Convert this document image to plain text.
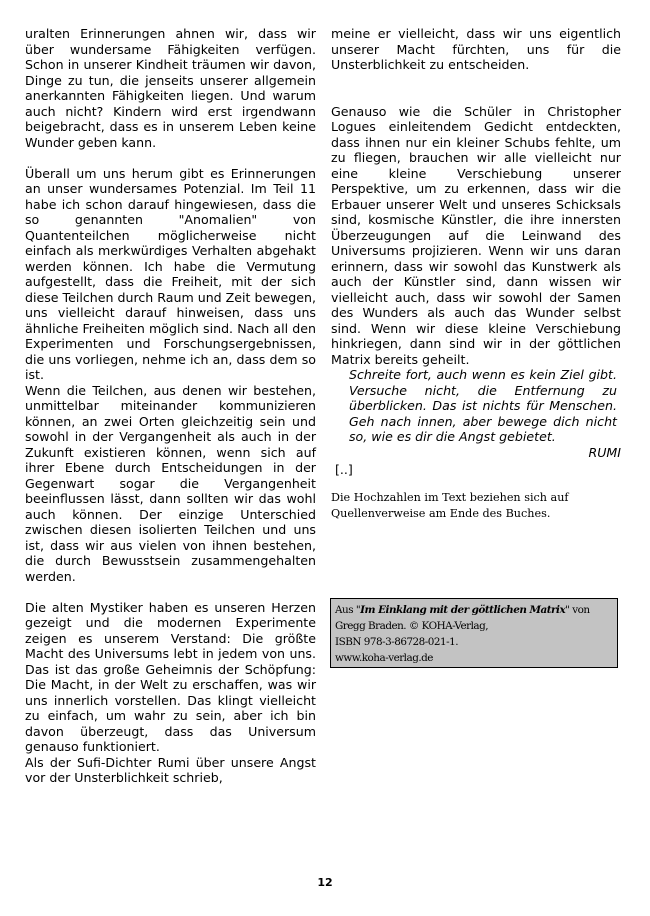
uralten Erinnerungen ahnen wir, dass wir über wundersame Fähigkeiten verfügen. Schon in unserer Kindheit träumen wir davon, Dinge zu tun, die jenseits unserer allgemein anerkannten Fähigkeiten liegen. Und warum auch nicht? Kindern wird erst irgendwann beigebracht, dass es in unserem Leben keine Wunder geben kann.

Überall um uns herum gibt es Erinnerungen an unser wundersames Potenzial. Im Teil 11 habe ich schon darauf hingewiesen, dass die so genannten "Anomalien" von Quantenteilchen möglicherweise nicht einfach als merkwürdiges Verhalten abgehakt werden können. Ich habe die Vermutung aufgestellt, dass die Freiheit, mit der sich diese Teilchen durch Raum und Zeit bewegen, uns vielleicht darauf hinweisen, dass uns ähnliche Freiheiten möglich sind. Nach all den Experimenten und Forschungsergebnissen, die uns vorliegen, nehme ich an, dass dem so ist.

Wenn die Teilchen, aus denen wir bestehen, unmittelbar miteinander kommunizieren können, an zwei Orten gleichzeitig sein und sowohl in der Vergangenheit als auch in der Zukunft existieren können, wenn sich auf ihrer Ebene durch Entscheidungen in der Gegenwart sogar die Vergangenheit beeinflussen lässt, dann sollten wir das wohl auch können. Der einzige Unterschied zwischen diesen isolierten Teilchen und uns ist, dass wir aus vielen von ihnen bestehen, die durch Bewusstsein zusammengehalten werden.

Die alten Mystiker haben es unseren Herzen gezeigt und die modernen Experimente zeigen es unserem Verstand: Die größte Macht des Universums lebt in jedem von uns. Das ist das große Geheimnis der Schöpfung: Die Macht, in der Welt zu erschaffen, was wir uns innerlich vorstellen. Das klingt vielleicht zu einfach, um wahr zu sein, aber ich bin davon überzeugt, dass das Universum genauso funktioniert.

Als der Sufi-Dichter Rumi über unsere Angst vor der Unsterblichkeit schrieb,

meine er vielleicht, dass wir uns eigentlich unserer Macht fürchten, uns für die Unsterblichkeit zu entscheiden.

Genauso wie die Schüler in Christopher Logues einleitendem Gedicht entdeckten, dass ihnen nur ein kleiner Schubs fehlte, um zu fliegen, brauchen wir alle vielleicht nur eine kleine Verschiebung unserer Perspektive, um zu erkennen, dass wir die Erbauer unserer Welt und unseres Schicksals sind, kosmische Künstler, die ihre innersten Überzeugungen auf die Leinwand des Universums projizieren. Wenn wir uns daran erinnern, dass wir sowohl das Kunstwerk als auch der Künstler sind, dann wissen wir vielleicht auch, dass wir sowohl der Samen des Wunders als auch das Wunder selbst sind. Wenn wir diese kleine Verschiebung hinkriegen, dann sind wir in der göttlichen Matrix bereits geheilt.

Schreite fort, auch wenn es kein Ziel gibt. Versuche nicht, die Entfernung zu überblicken. Das ist nichts für Menschen. Geh nach innen, aber bewege dich nicht so, wie es dir die Angst gebietet.

RUMI

[..]

Die Hochzahlen im Text beziehen sich auf Quellenverweise am Ende des Buches.

Aus "Im Einklang mit der göttlichen Matrix" von
Gregg Braden. © KOHA-Verlag,
ISBN 978-3-86728-021-1.
www.koha-verlag.de
12
